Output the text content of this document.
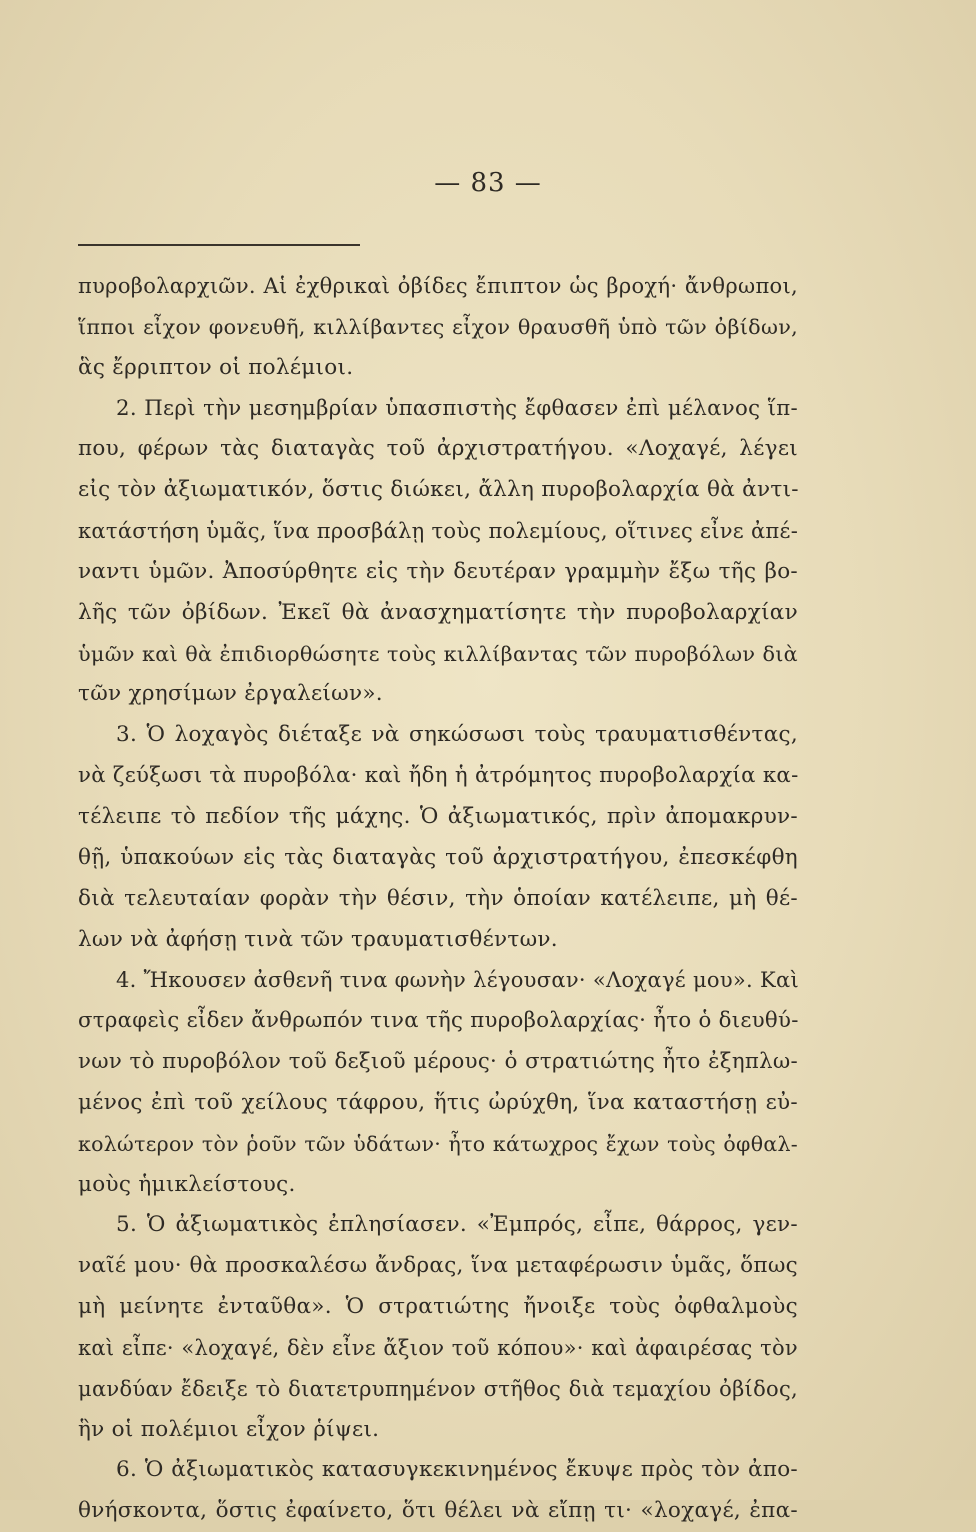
— 83 —
πυροβολαρχιῶν. Αἱ ἐχθρικαὶ ὀβίδες ἔπιπτον ὡς βροχή· ἄνθρωποι,
ἵπποι εἶχον φονευθῆ, κιλλίβαντες εἶχον θραυσθῆ ὑπὸ τῶν ὀβίδων,
ἃς ἔρριπτον οἱ πολέμιοι.
2. Περὶ τὴν μεσημβρίαν ὑπασπιστὴς ἔφθασεν ἐπὶ μέλανος ἵπ-
που, φέρων τὰς διαταγὰς τοῦ ἀρχιστρατήγου. «Λοχαγέ, λέγει
εἰς τὸν ἀξιωματικόν, ὅστις διώκει, ἄλλη πυροβολαρχία θὰ ἀντι-
κατάστήση ὑμᾶς, ἵνα προσβάλῃ τοὺς πολεμίους, οἵτινες εἶνε ἀπέ-
ναντι ὑμῶν. Ἀποσύρθητε εἰς τὴν δευτέραν γραμμὴν ἔξω τῆς βο-
λῆς τῶν ὀβίδων. Ἐκεῖ θὰ ἀνασχηματίσητε τὴν πυροβολαρχίαν
ὑμῶν καὶ θὰ ἐπιδιορθώσητε τοὺς κιλλίβαντας τῶν πυροβόλων διὰ
τῶν χρησίμων ἐργαλείων».
3. Ὁ λοχαγὸς διέταξε νὰ σηκώσωσι τοὺς τραυματισθέντας,
νὰ ζεύξωσι τὰ πυροβόλα· καὶ ἤδη ἡ ἀτρόμητος πυροβολαρχία κα-
τέλειπε τὸ πεδίον τῆς μάχης. Ὁ ἀξιωματικός, πρὶν ἀπομακρυν-
θῇ, ὑπακούων εἰς τὰς διαταγὰς τοῦ ἀρχιστρατήγου, ἐπεσκέφθη
διὰ τελευταίαν φορὰν τὴν θέσιν, τὴν ὁποίαν κατέλειπε, μὴ θέ-
λων νὰ ἀφήσῃ τινὰ τῶν τραυματισθέντων.
4. Ἤκουσεν ἀσθενῆ τινα φωνὴν λέγουσαν· «Λοχαγέ μου». Καὶ
στραφεὶς εἶδεν ἄνθρωπόν τινα τῆς πυροβολαρχίας· ἦτο ὁ διευθύ-
νων τὸ πυροβόλον τοῦ δεξιοῦ μέρους· ὁ στρατιώτης ἦτο ἐξηπλω-
μένος ἐπὶ τοῦ χείλους τάφρου, ἥτις ὠρύχθη, ἵνα καταστήσῃ εὐ-
κολώτερον τὸν ῥοῦν τῶν ὑδάτων· ἦτο κάτωχρος ἔχων τοὺς ὀφθαλ-
μοὺς ἡμικλείστους.
5. Ὁ ἀξιωματικὸς ἐπλησίασεν. «Ἐμπρός, εἶπε, θάρρος, γεν-
ναῖέ μου· θὰ προσκαλέσω ἄνδρας, ἵνα μεταφέρωσιν ὑμᾶς, ὅπως
μὴ μείνητε ἐνταῦθα». Ὁ στρατιώτης ἤνοιξε τοὺς ὀφθαλμοὺς
καὶ εἶπε· «λοχαγέ, δὲν εἶνε ἄξιον τοῦ κόπου»· καὶ ἀφαιρέσας τὸν
μανδύαν ἔδειξε τὸ διατετρυπημένον στῆθος διὰ τεμαχίου ὀβίδος,
ἣν οἱ πολέμιοι εἶχον ῥίψει.
6. Ὁ ἀξιωματικὸς κατασυγκεκινημένος ἔκυψε πρὸς τὸν ἀπο-
θνήσκοντα, ὅστις ἐφαίνετο, ὅτι θέλει νὰ εἴπῃ τι· «λοχαγέ, ἐπα-
